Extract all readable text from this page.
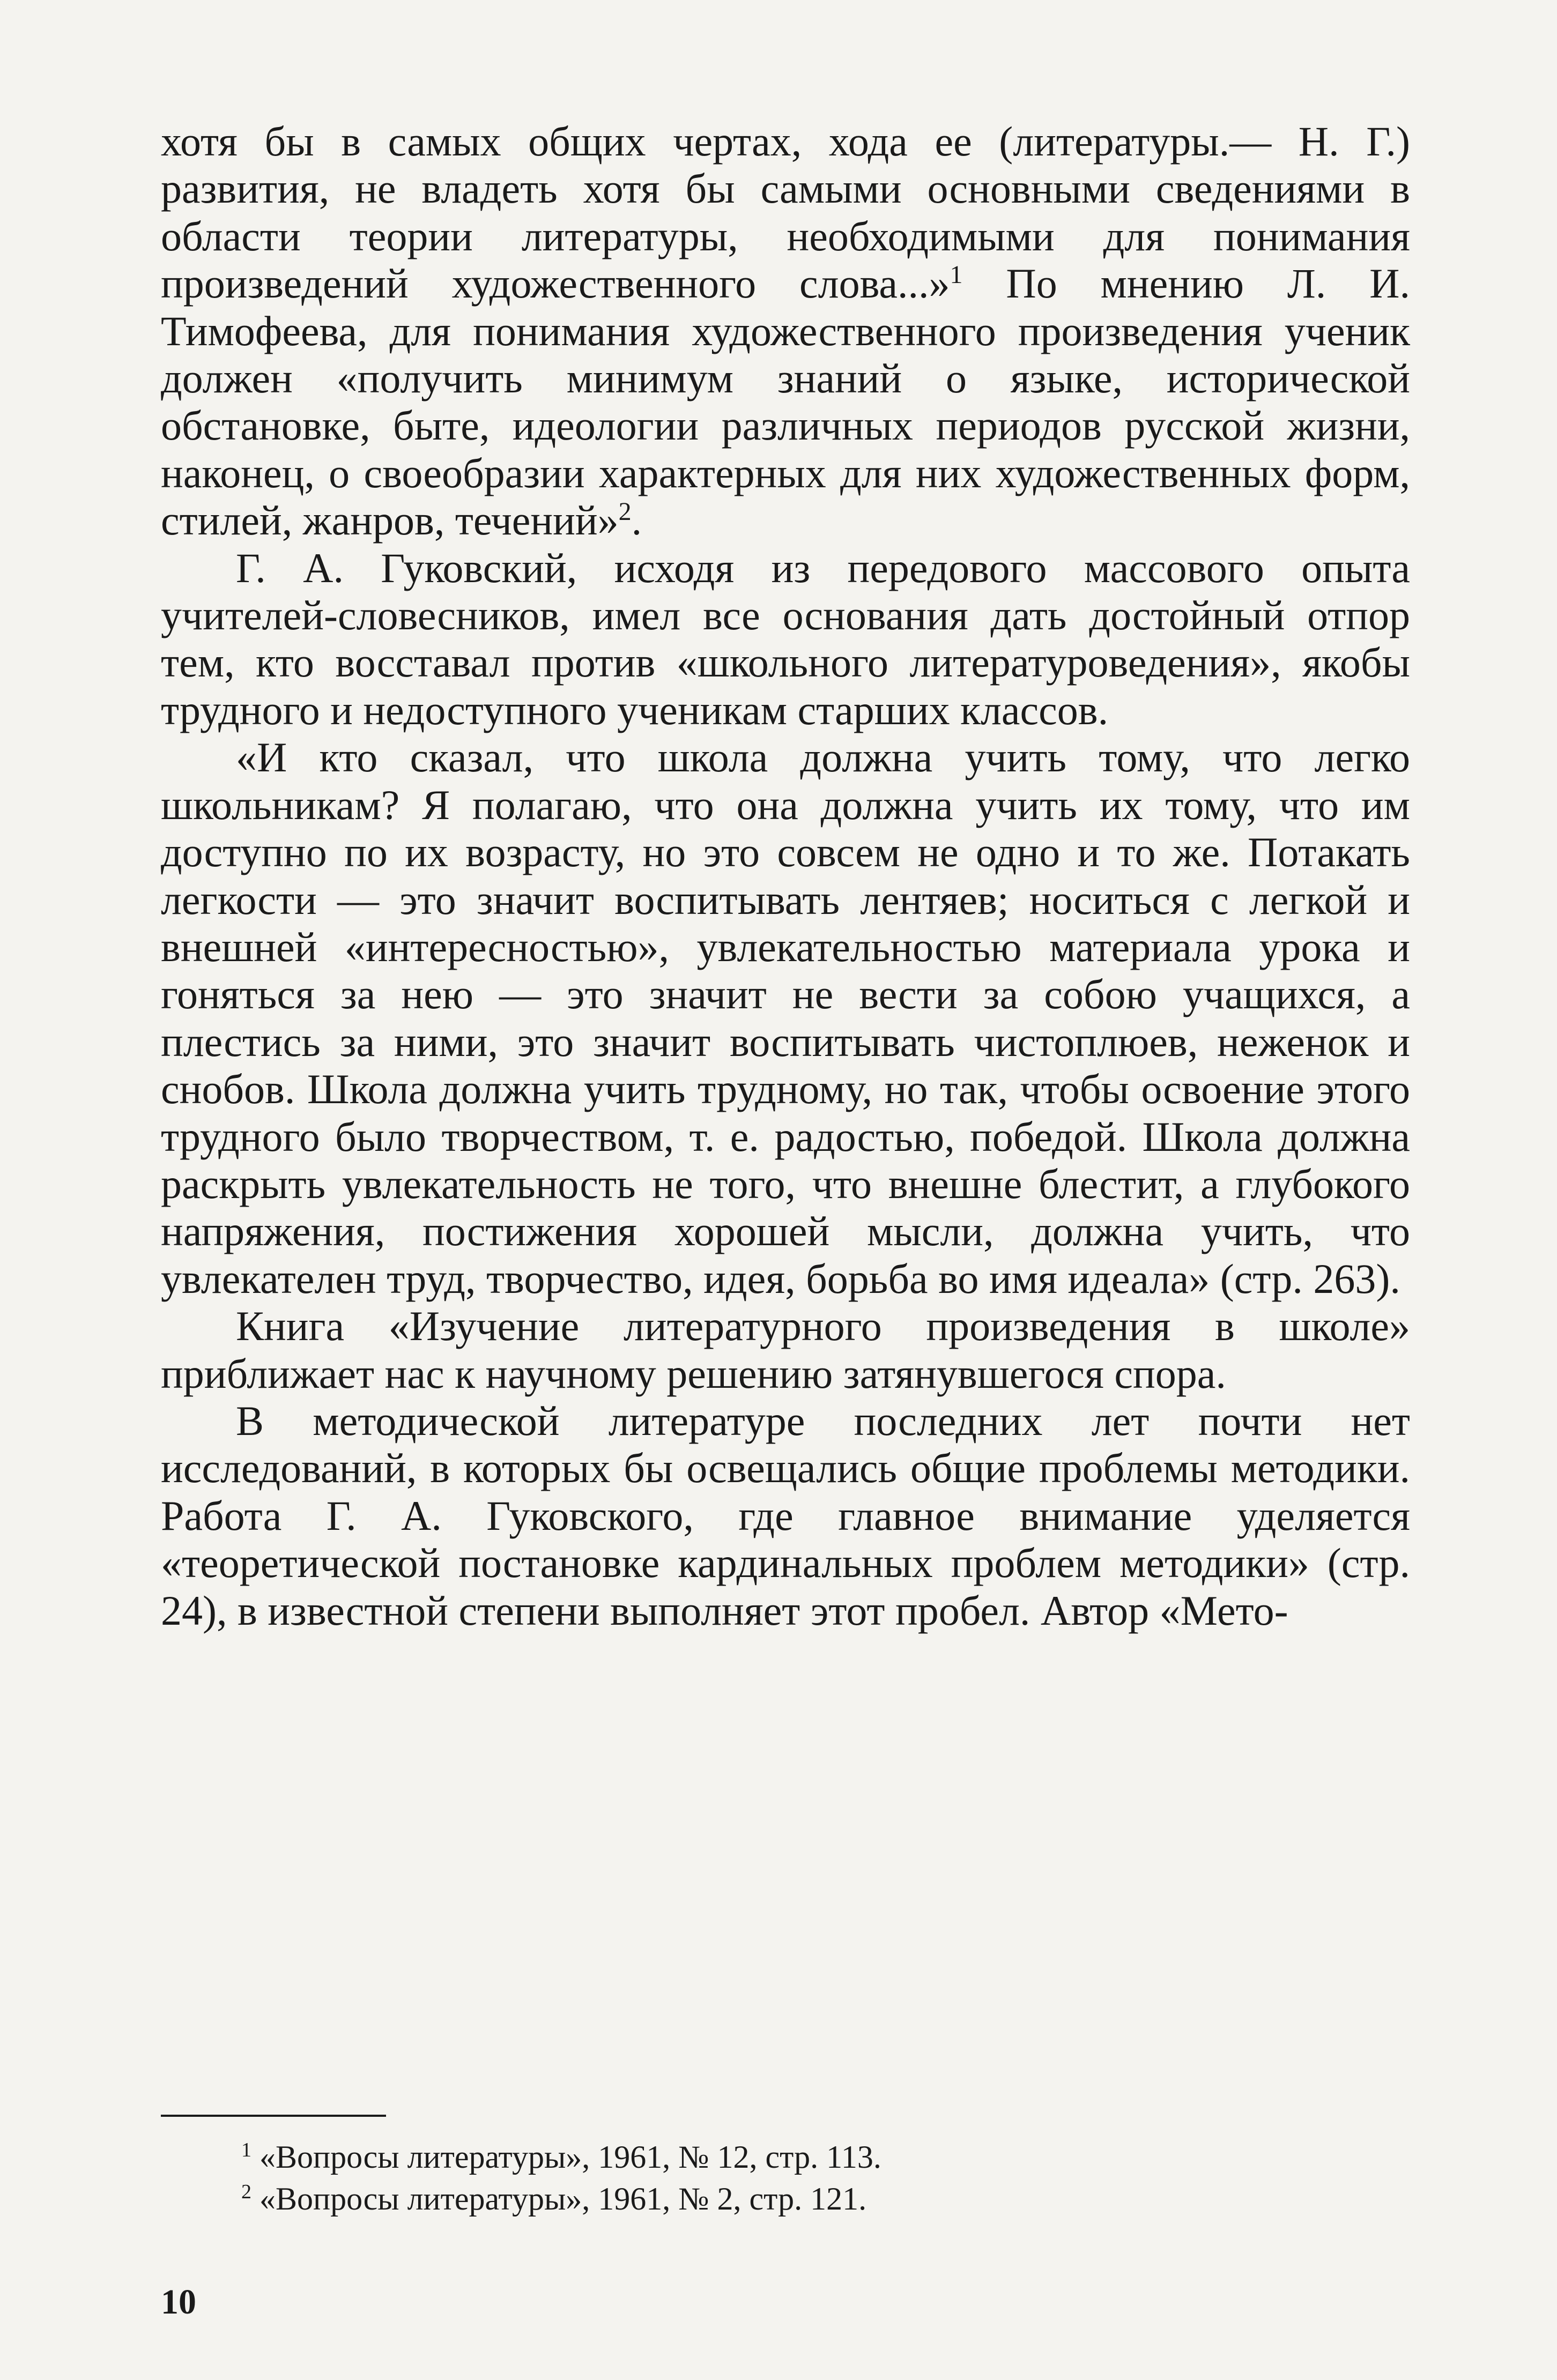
хотя бы в самых общих чертах, хода ее (литературы.— Н. Г.) развития, не владеть хотя бы самыми основными сведениями в области теории литературы, необходимыми для понимания произведений художественного слова...»$^1$ По мнению Л. И. Тимофеева, для понимания художественного произведения ученик должен «получить минимум знаний о языке, исторической обстановке, быте, идеологии различных периодов русской жизни, наконец, о своеобразии характерных для них художественных форм, стилей, жанров, течений»$^2$.

Г. А. Гуковский, исходя из передового массового опыта учителей-словесников, имел все основания дать достойный отпор тем, кто восставал против «школьного литературоведения», якобы трудного и недоступного ученикам старших классов.

«И кто сказал, что школа должна учить тому, что легко школьникам? Я полагаю, что она должна учить их тому, что им доступно по их возрасту, но это совсем не одно и то же. Потакать легкости — это значит воспитывать лентяев; носиться с легкой и внешней «интересностью», увлекательностью материала урока и гоняться за нею — это значит не вести за собою учащихся, а плестись за ними, это значит воспитывать чистоплюев, неженок и снобов. Школа должна учить трудному, но так, чтобы освоение этого трудного было творчеством, т. е. радостью, победой. Школа должна раскрыть увлекательность не того, что внешне блестит, а глубокого напряжения, постижения хорошей мысли, должна учить, что увлекателен труд, творчество, идея, борьба во имя идеала» (стр. 263).

Книга «Изучение литературного произведения в школе» приближает нас к научному решению затянувшегося спора.

В методической литературе последних лет почти нет исследований, в которых бы освещались общие проблемы методики. Работа Г. А. Гуковского, где главное внимание уделяется «теоретической постановке кардинальных проблем методики» (стр. 24), в известной степени выполняет этот пробел. Автор «Мето-

$^1$ «Вопросы литературы», 1961, № 12, стр. 113.

$^2$ «Вопросы литературы», 1961, № 2, стр. 121.

10
